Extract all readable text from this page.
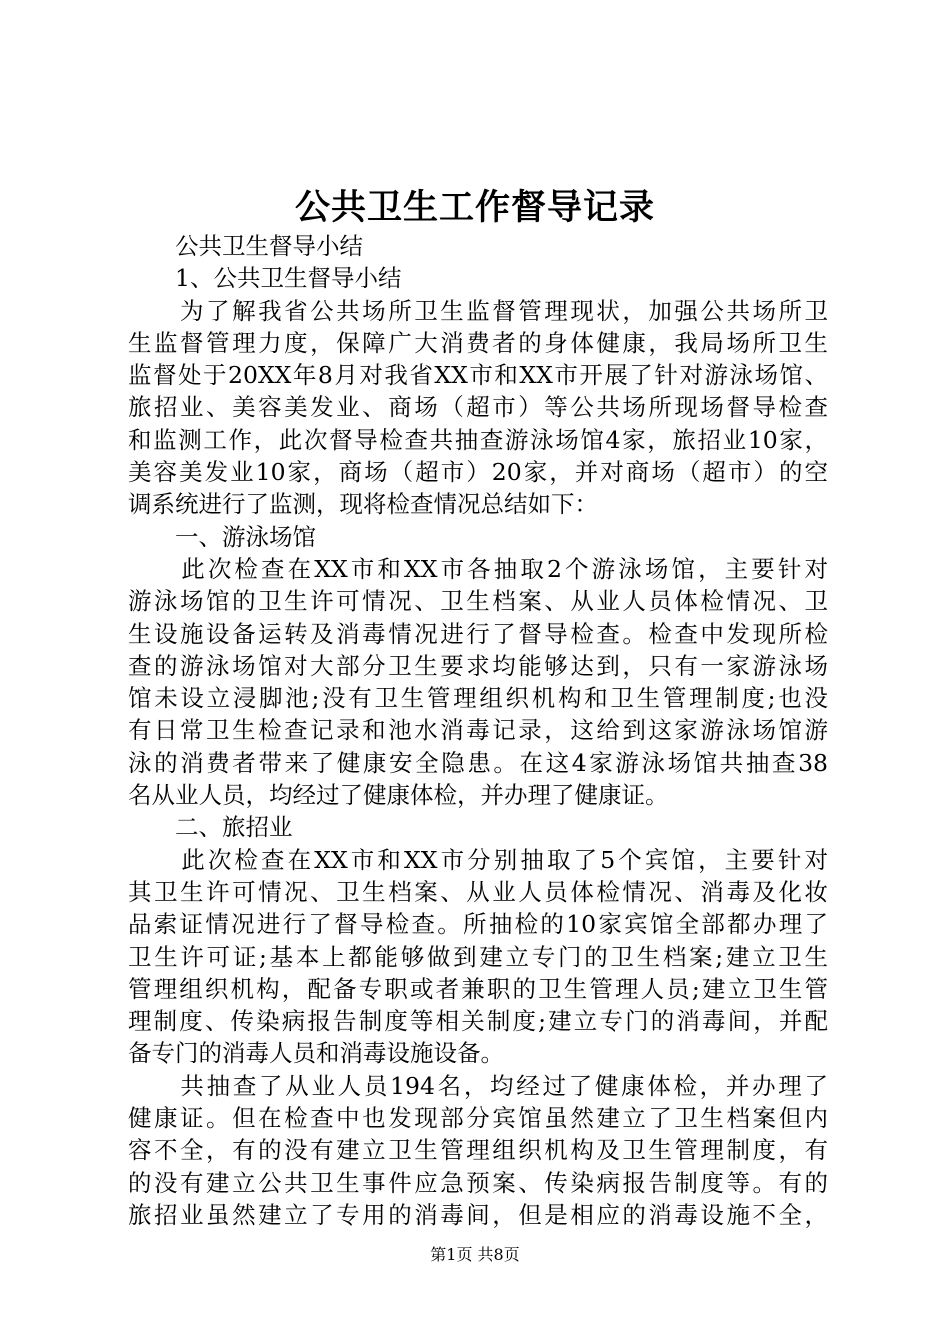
公共卫生工作督导记录
　　公共卫生督导小结
　　1、公共卫生督导小结
　　为了解我省公共场所卫生监督管理现状，加强公共场所卫
生监督管理力度，保障广大消费者的身体健康，我局场所卫生
监督处于20XX年8月对我省XX市和XX市开展了针对游泳场馆、
旅招业、美容美发业、商场（超市）等公共场所现场督导检查
和监测工作，此次督导检查共抽查游泳场馆4家，旅招业10家，
美容美发业10家，商场（超市）20家，并对商场（超市）的空
调系统进行了监测，现将检查情况总结如下：
　　一、游泳场馆
　　此次检查在XX市和XX市各抽取2个游泳场馆，主要针对
游泳场馆的卫生许可情况、卫生档案、从业人员体检情况、卫
生设施设备运转及消毒情况进行了督导检查。检查中发现所检
查的游泳场馆对大部分卫生要求均能够达到，只有一家游泳场
馆未设立浸脚池;没有卫生管理组织机构和卫生管理制度;也没
有日常卫生检查记录和池水消毒记录，这给到这家游泳场馆游
泳的消费者带来了健康安全隐患。在这4家游泳场馆共抽查38
名从业人员，均经过了健康体检，并办理了健康证。
　　二、旅招业
　　此次检查在XX市和XX市分别抽取了5个宾馆，主要针对
其卫生许可情况、卫生档案、从业人员体检情况、消毒及化妆
品索证情况进行了督导检查。所抽检的10家宾馆全部都办理了
卫生许可证;基本上都能够做到建立专门的卫生档案;建立卫生
管理组织机构，配备专职或者兼职的卫生管理人员;建立卫生管
理制度、传染病报告制度等相关制度;建立专门的消毒间，并配
备专门的消毒人员和消毒设施设备。
　　共抽查了从业人员194名，均经过了健康体检，并办理了
健康证。但在检查中也发现部分宾馆虽然建立了卫生档案但内
容不全，有的没有建立卫生管理组织机构及卫生管理制度，有
的没有建立公共卫生事件应急预案、传染病报告制度等。有的
旅招业虽然建立了专用的消毒间，但是相应的消毒设施不全，
第1页 共8页
